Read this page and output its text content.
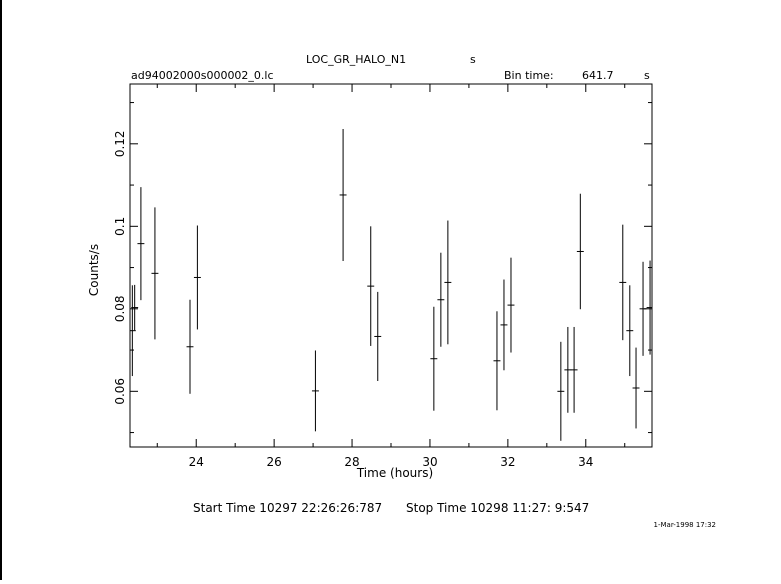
LOC_GR_HALO_N1	s
ad94002000s000002_0.lc	Bin time:	641.7	s
24	26	28	30	32	34
0.06
0.08
0.1
0.12
Time (hours)
Counts/s
Start Time 10297 22:26:26:787 Stop Time 10298 11:27: 9:547
1-Mar-1998 17:32
